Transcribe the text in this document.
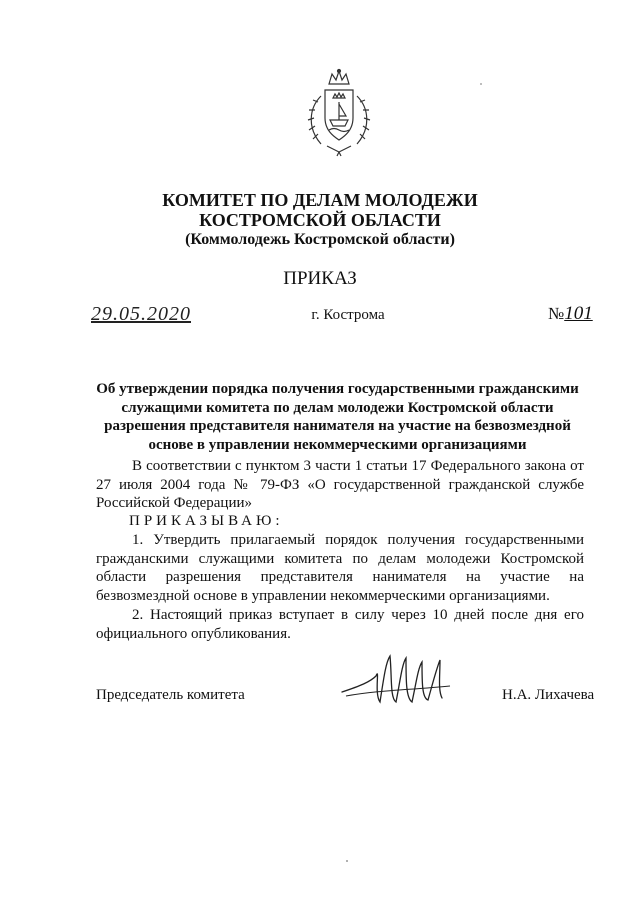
КОМИТЕТ ПО ДЕЛАМ МОЛОДЕЖИ
КОСТРОМСКОЙ ОБЛАСТИ
(Коммолодежь Костромской области)
ПРИКАЗ
29.05.2020	г. Кострома	№101
Об утверждении порядка получения государственными гражданскими
служащими комитета по делам молодежи Костромской области
разрешения представителя нанимателя на участие на безвозмездной
основе в управлении некоммерческими организациями

В соответствии с пунктом 3 части 1 статьи 17 Федерального закона от 27 июля 2004 года № 79-ФЗ «О государственной гражданской службе Российской Федерации»

ПРИКАЗЫВАЮ:

1. Утвердить прилагаемый порядок получения государственными гражданскими служащими комитета по делам молодежи Костромской области разрешения представителя нанимателя на участие на безвозмездной основе в управлении некоммерческими организациями.

2. Настоящий приказ вступает в силу через 10 дней после дня его официального опубликования.

Председатель комитета	Н.А. Лихачева
